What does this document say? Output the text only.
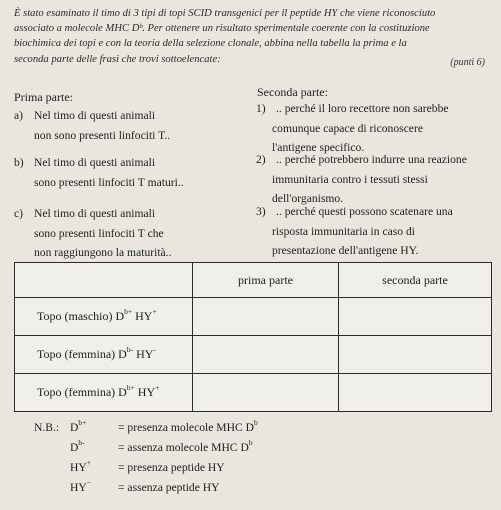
È stato esaminato il timo di 3 tipi di topi SCID transgenici per il peptide HY che viene riconosciuto
associato a molecole MHC Dᵇ. Per ottenere un risultato sperimentale coerente con la costituzione
biochimica dei topi e con la teoria della selezione clonale, abbina nella tabella la prima e la
seconda parte delle frasi che trovi sottoelencate:	(punti 6)
Prima parte:
a) Nel timo di questi animali
non sono presenti linfociti T..
b) Nel timo di questi animali
sono presenti linfociti T maturi..
c) Nel timo di questi animali
sono presenti linfociti T che
non raggiungono la maturità..
Seconda parte:
1) .. perché il loro recettore non sarebbe
comunque capace di riconoscere
l'antigene specifico.
2) .. perché potrebbero indurre una reazione
immunitaria contro i tessuti stessi
dell'organismo.
3) .. perché questi possono scatenare una
risposta immunitaria in caso di
presentazione dell'antigene HY.
	prima parte	seconda parte
Topo (maschio) $D^{b+}$ HY+		
Topo (femmina) $D^{b-}$ HY-		
Topo (femmina) $D^{b+}$ HY+		
N.B.: $D^{b+}$	= presenza molecole MHC $D^b$
$D^{b-}$	= assenza molecole MHC $D^b$
HY+	= presenza peptide HY
HY−	= assenza peptide HY
